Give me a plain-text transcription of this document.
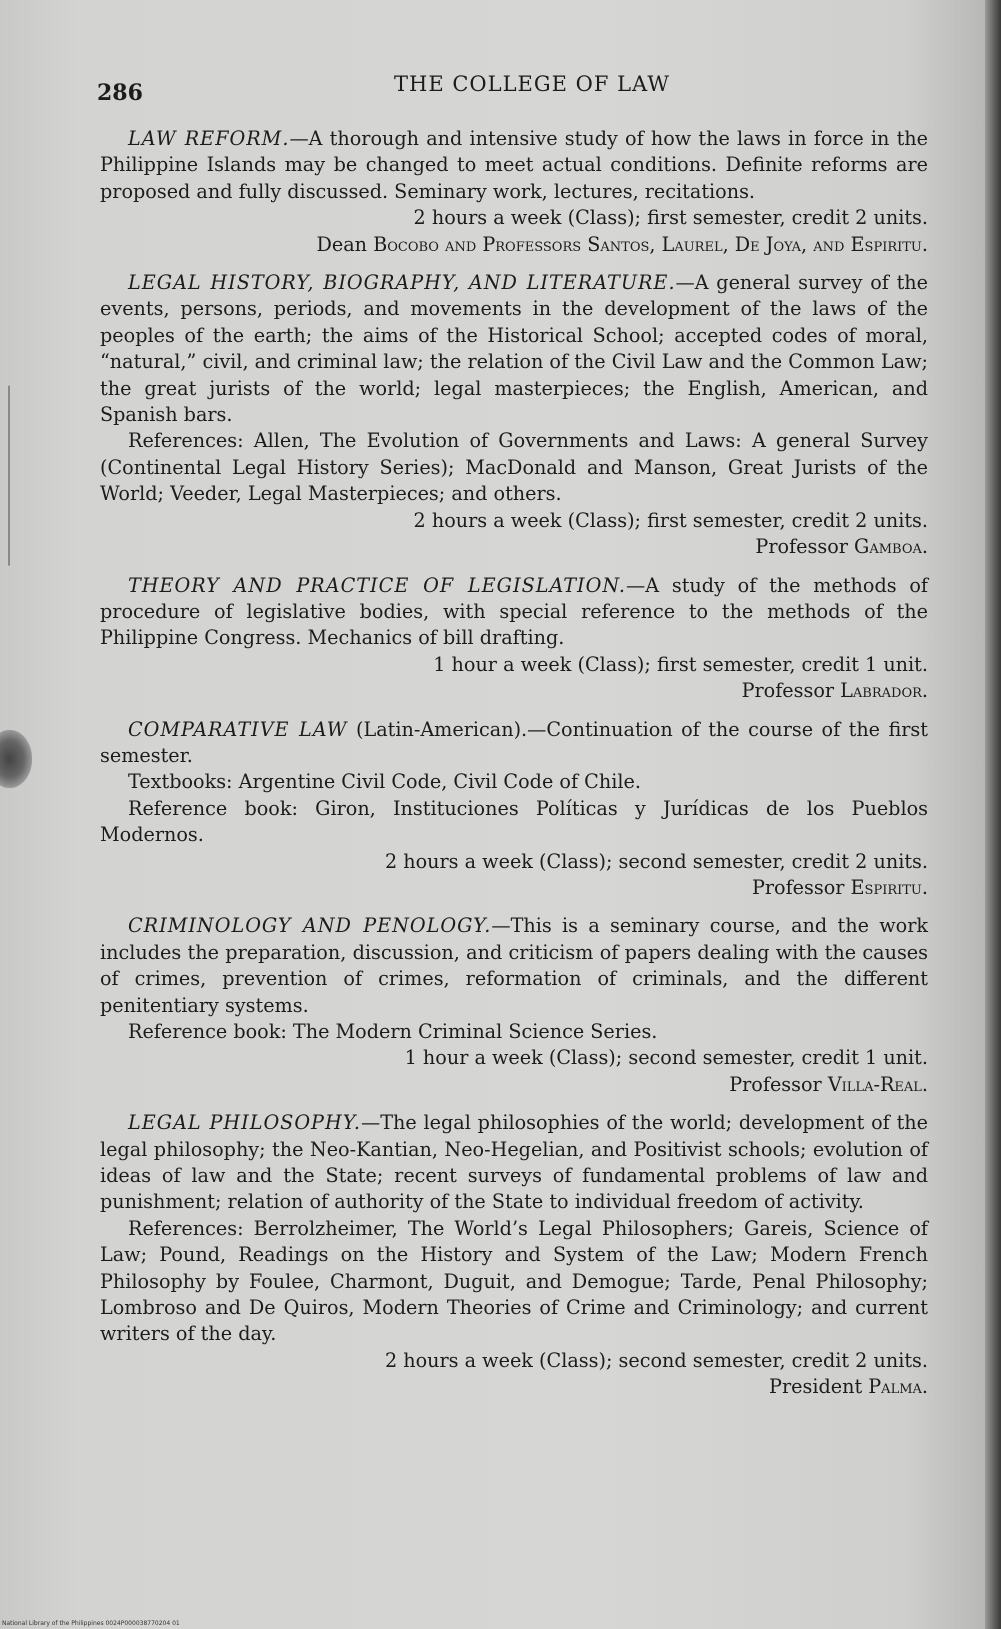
286	THE COLLEGE OF LAW

LAW REFORM.—A thorough and intensive study of how the laws in force in the Philippine Islands may be changed to meet actual conditions. Definite reforms are proposed and fully discussed. Seminary work, lectures, recitations.

2 hours a week (Class); first semester, credit 2 units.

Dean Bocobo and Professors Santos, Laurel, De Joya, and Espiritu.

LEGAL HISTORY, BIOGRAPHY, AND LITERATURE.—A general survey of the events, persons, periods, and movements in the development of the laws of the peoples of the earth; the aims of the Historical School; accepted codes of moral, “natural,” civil, and criminal law; the relation of the Civil Law and the Common Law; the great jurists of the world; legal masterpieces; the English, American, and Spanish bars.

References: Allen, The Evolution of Governments and Laws: A general Survey (Continental Legal History Series); MacDonald and Manson, Great Jurists of the World; Veeder, Legal Masterpieces; and others.

2 hours a week (Class); first semester, credit 2 units.

Professor Gamboa.

THEORY AND PRACTICE OF LEGISLATION.—A study of the methods of procedure of legislative bodies, with special reference to the methods of the Philippine Congress. Mechanics of bill drafting.

1 hour a week (Class); first semester, credit 1 unit.

Professor Labrador.

COMPARATIVE LAW (Latin-American).—Continuation of the course of the first semester.

Textbooks: Argentine Civil Code, Civil Code of Chile.

Reference book: Giron, Instituciones Políticas y Jurídicas de los Pueblos Modernos.

2 hours a week (Class); second semester, credit 2 units.

Professor Espiritu.

CRIMINOLOGY AND PENOLOGY.—This is a seminary course, and the work includes the preparation, discussion, and criticism of papers dealing with the causes of crimes, prevention of crimes, reformation of criminals, and the different penitentiary systems.

Reference book: The Modern Criminal Science Series.

1 hour a week (Class); second semester, credit 1 unit.

Professor Villa-Real.

LEGAL PHILOSOPHY.—The legal philosophies of the world; development of the legal philosophy; the Neo-Kantian, Neo-Hegelian, and Positivist schools; evolution of ideas of law and the State; recent surveys of fundamental problems of law and punishment; relation of authority of the State to individual freedom of activity.

References: Berrolzheimer, The World’s Legal Philosophers; Gareis, Science of Law; Pound, Readings on the History and System of the Law; Modern French Philosophy by Foulee, Charmont, Duguit, and Demogue; Tarde, Penal Philosophy; Lombroso and De Quiros, Modern Theories of Crime and Criminology; and current writers of the day.

2 hours a week (Class); second semester, credit 2 units.

President Palma.

National Library of the Philippines 0024P000038770204 01
